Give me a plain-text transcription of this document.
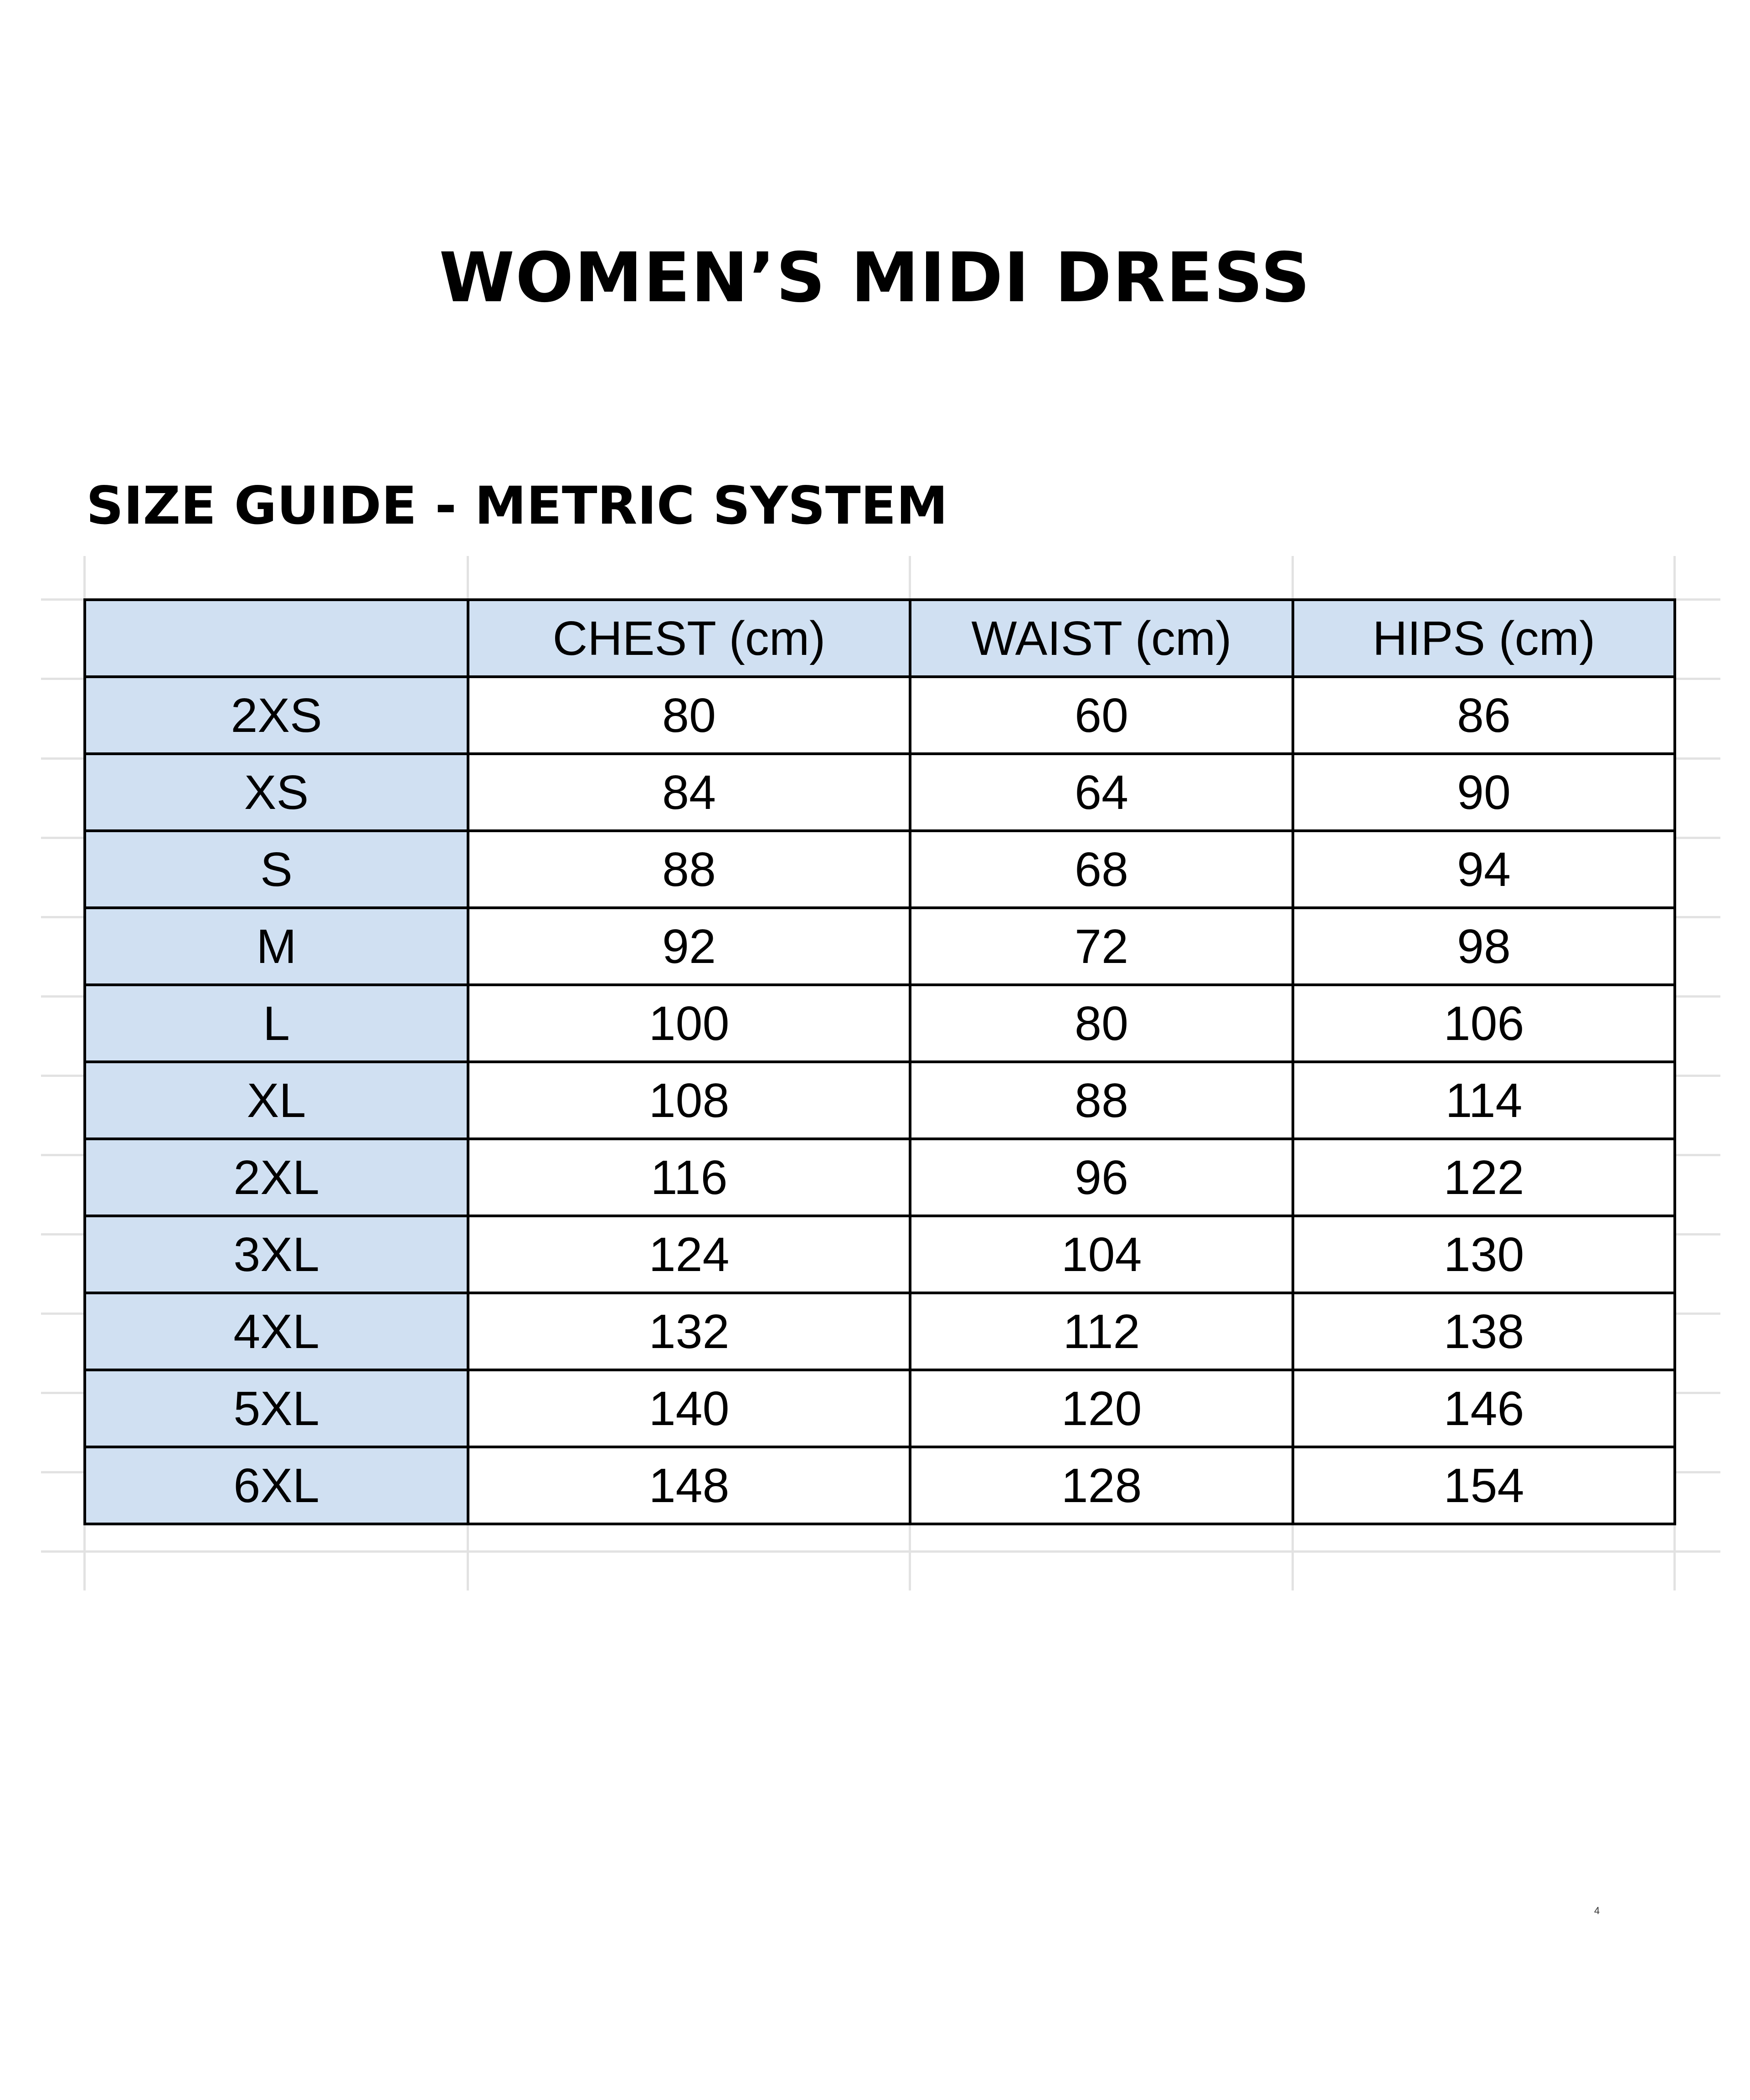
WOMEN’S MIDI DRESS
SIZE GUIDE - METRIC SYSTEM
	CHEST (cm)	WAIST (cm)	HIPS (cm)
2XS	80	60	86
XS	84	64	90
S	88	68	94
M	92	72	98
L	100	80	106
XL	108	88	114
2XL	116	96	122
3XL	124	104	130
4XL	132	112	138
5XL	140	120	146
6XL	148	128	154
4
